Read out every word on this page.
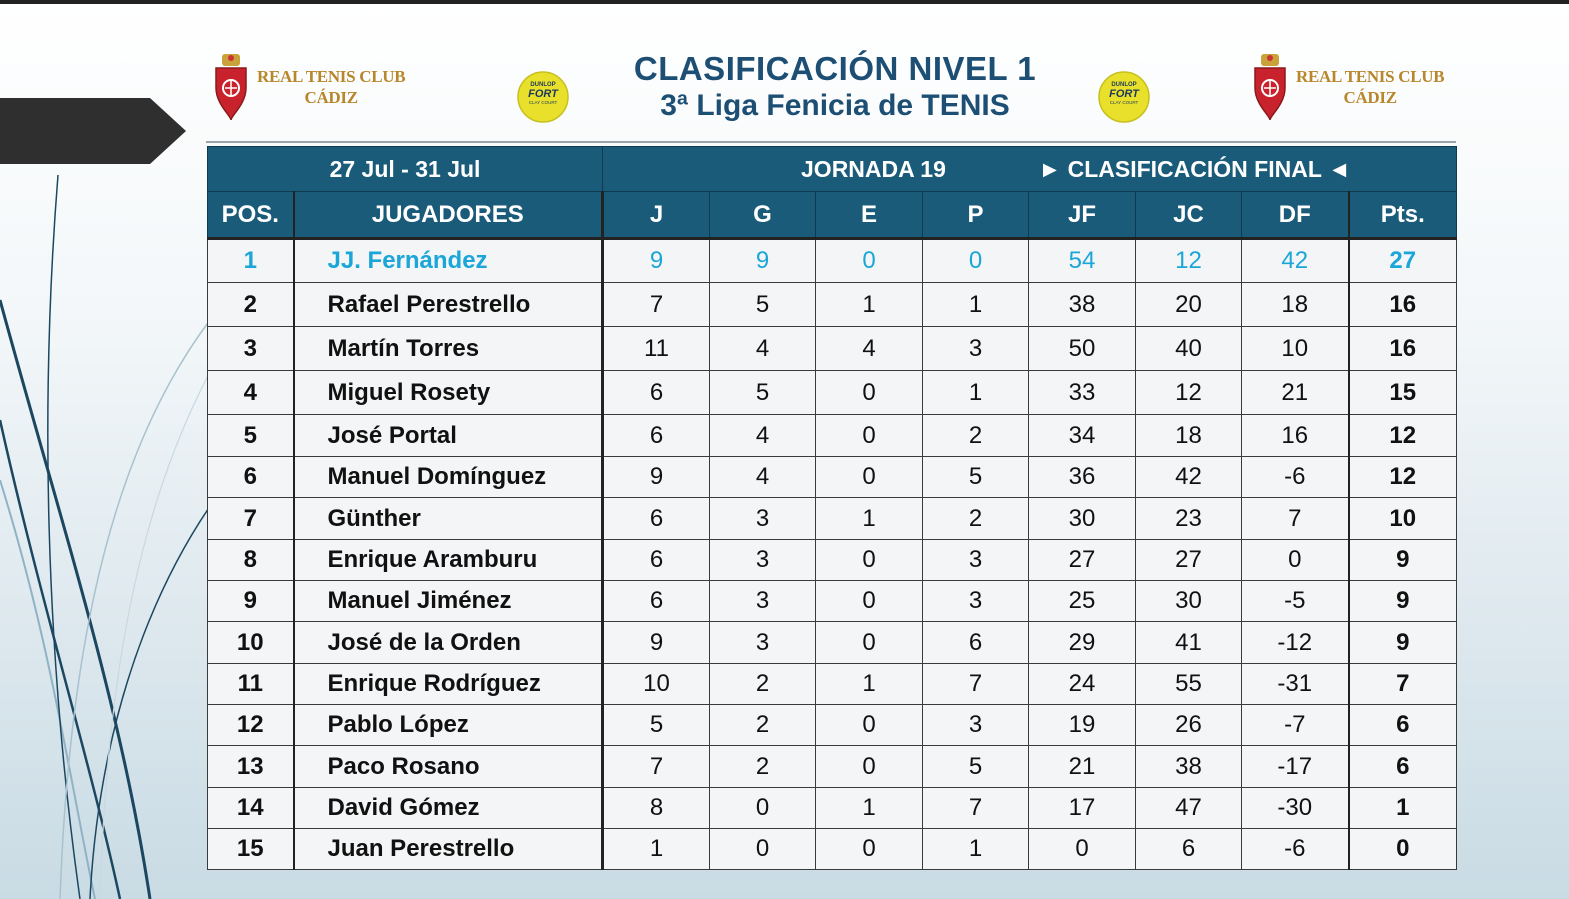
REAL TENIS CLUB
CÁDIZ
REAL TENIS CLUB
CÁDIZ
DUNLOP
FORT
CLAY COURT
DUNLOP
FORT
CLAY COURT
CLASIFICACIÓN NIVEL 1
3ª Liga Fenicia de TENIS
27 Jul - 31 Jul		JORNADA 19 ► CLASIFICACIÓN FINAL ◄							
POS.	JUGADORES	J	G	E	P	JF	JC	DF	Pts.
1	JJ. Fernández	9	9	0	0	54	12	42	27
2	Rafael Perestrello	7	5	1	1	38	20	18	16
3	Martín Torres	11	4	4	3	50	40	10	16
4	Miguel Rosety	6	5	0	1	33	12	21	15
5	José Portal	6	4	0	2	34	18	16	12
6	Manuel Domínguez	9	4	0	5	36	42	-6	12
7	Günther	6	3	1	2	30	23	7	10
8	Enrique Aramburu	6	3	0	3	27	27	0	9
9	Manuel Jiménez	6	3	0	3	25	30	-5	9
10	José de la Orden	9	3	0	6	29	41	-12	9
11	Enrique Rodríguez	10	2	1	7	24	55	-31	7
12	Pablo López	5	2	0	3	19	26	-7	6
13	Paco Rosano	7	2	0	5	21	38	-17	6
14	David Gómez	8	0	1	7	17	47	-30	1
15	Juan Perestrello	1	0	0	1	0	6	-6	0
